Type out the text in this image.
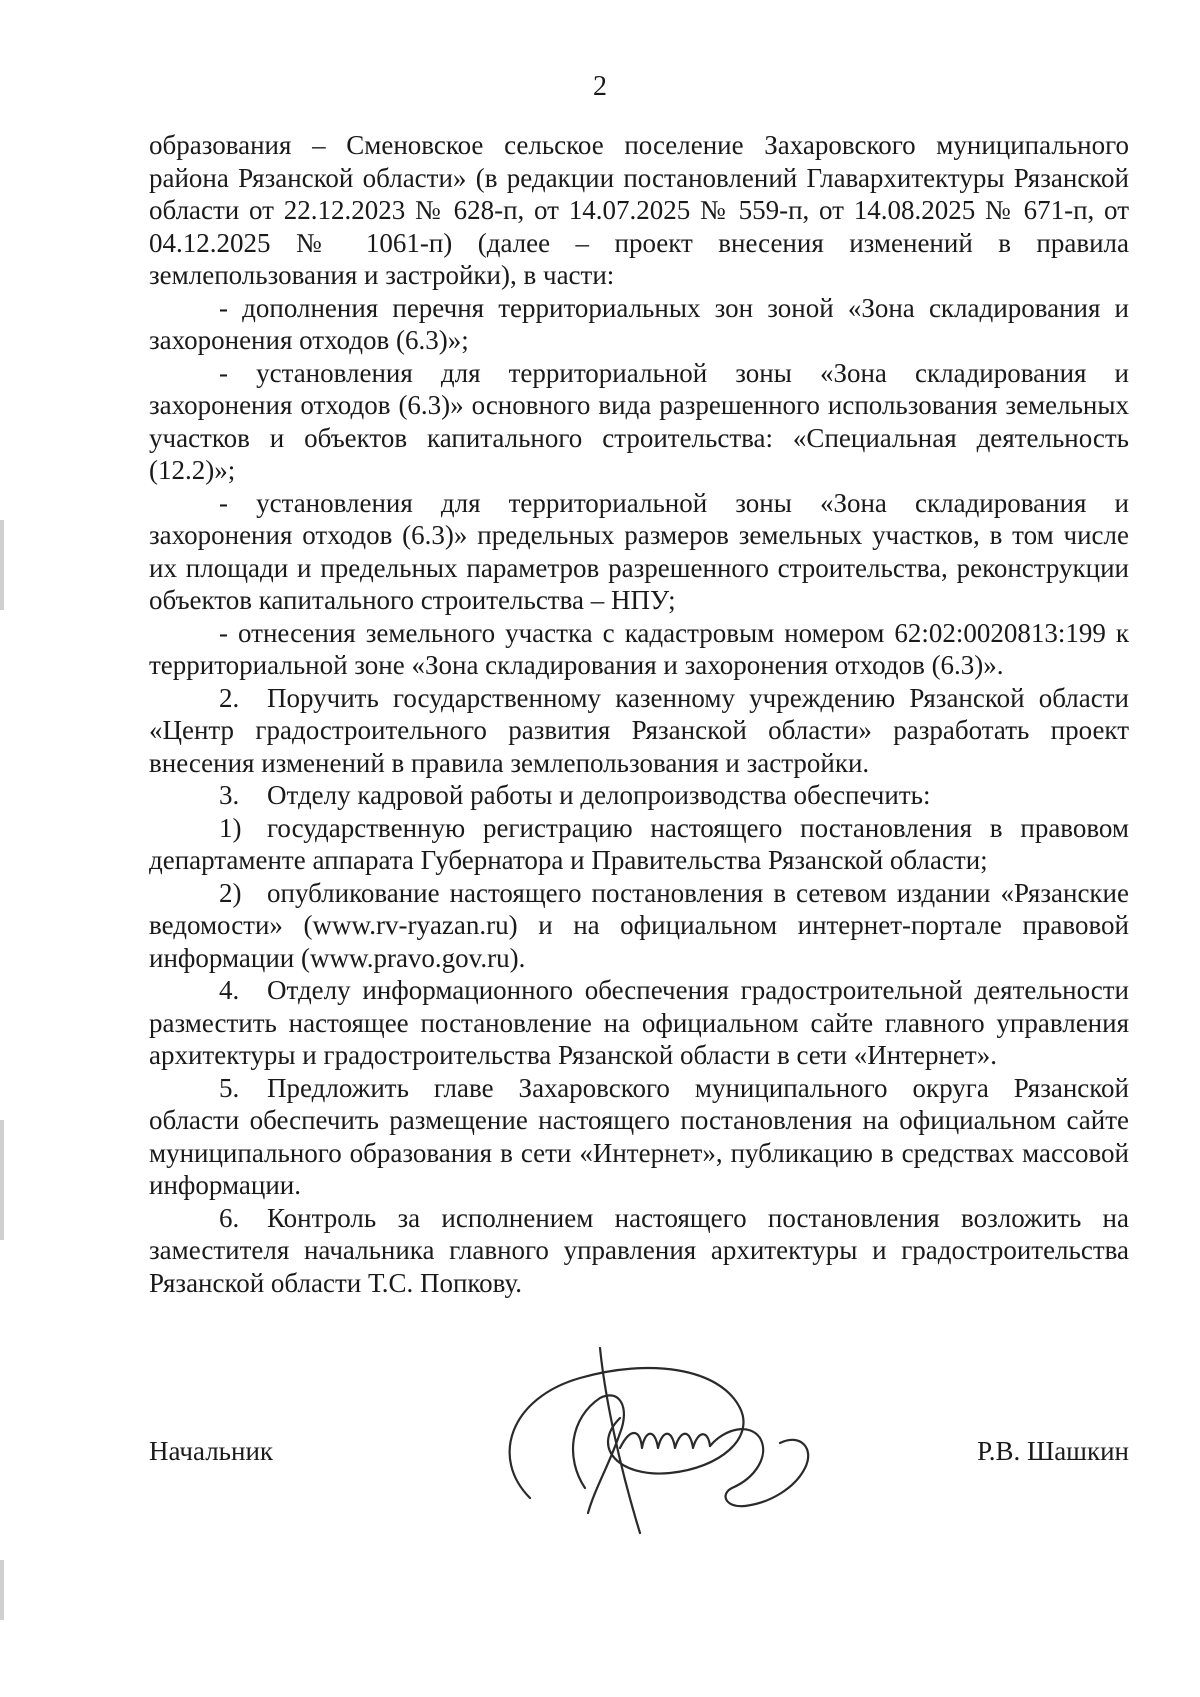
2

образования – Сменовское сельское поселение Захаровского муниципального района Рязанской области» (в редакции постановлений Главархитектуры Рязанской области от 22.12.2023 № 628-п, от 14.07.2025 № 559-п, от 14.08.2025 № 671-п, от 04.12.2025 № 1061-п) (далее – проект внесения изменений в правила землепользования и застройки), в части:

- дополнения перечня территориальных зон зоной «Зона складирования и захоронения отходов (6.3)»;

- установления для территориальной зоны «Зона складирования и захоронения отходов (6.3)» основного вида разрешенного использования земельных участков и объектов капитального строительства: «Специальная деятельность (12.2)»;

- установления для территориальной зоны «Зона складирования и захоронения отходов (6.3)» предельных размеров земельных участков, в том числе их площади и предельных параметров разрешенного строительства, реконструкции объектов капитального строительства – НПУ;

- отнесения земельного участка с кадастровым номером 62:02:0020813:199 к территориальной зоне «Зона складирования и захоронения отходов (6.3)».

2. Поручить государственному казенному учреждению Рязанской области «Центр градостроительного развития Рязанской области» разработать проект внесения изменений в правила землепользования и застройки.

3. Отделу кадровой работы и делопроизводства обеспечить:

1) государственную регистрацию настоящего постановления в правовом департаменте аппарата Губернатора и Правительства Рязанской области;

2) опубликование настоящего постановления в сетевом издании «Рязанские ведомости» (www.rv-ryazan.ru) и на официальном интернет-портале правовой информации (www.pravo.gov.ru).

4. Отделу информационного обеспечения градостроительной деятельности разместить настоящее постановление на официальном сайте главного управления архитектуры и градостроительства Рязанской области в сети «Интернет».

5. Предложить главе Захаровского муниципального округа Рязанской области обеспечить размещение настоящего постановления на официальном сайте муниципального образования в сети «Интернет», публикацию в средствах массовой информации.

6. Контроль за исполнением настоящего постановления возложить на заместителя начальника главного управления архитектуры и градостроительства Рязанской области Т.С. Попкову.

Начальник	Р.В. Шашкин
